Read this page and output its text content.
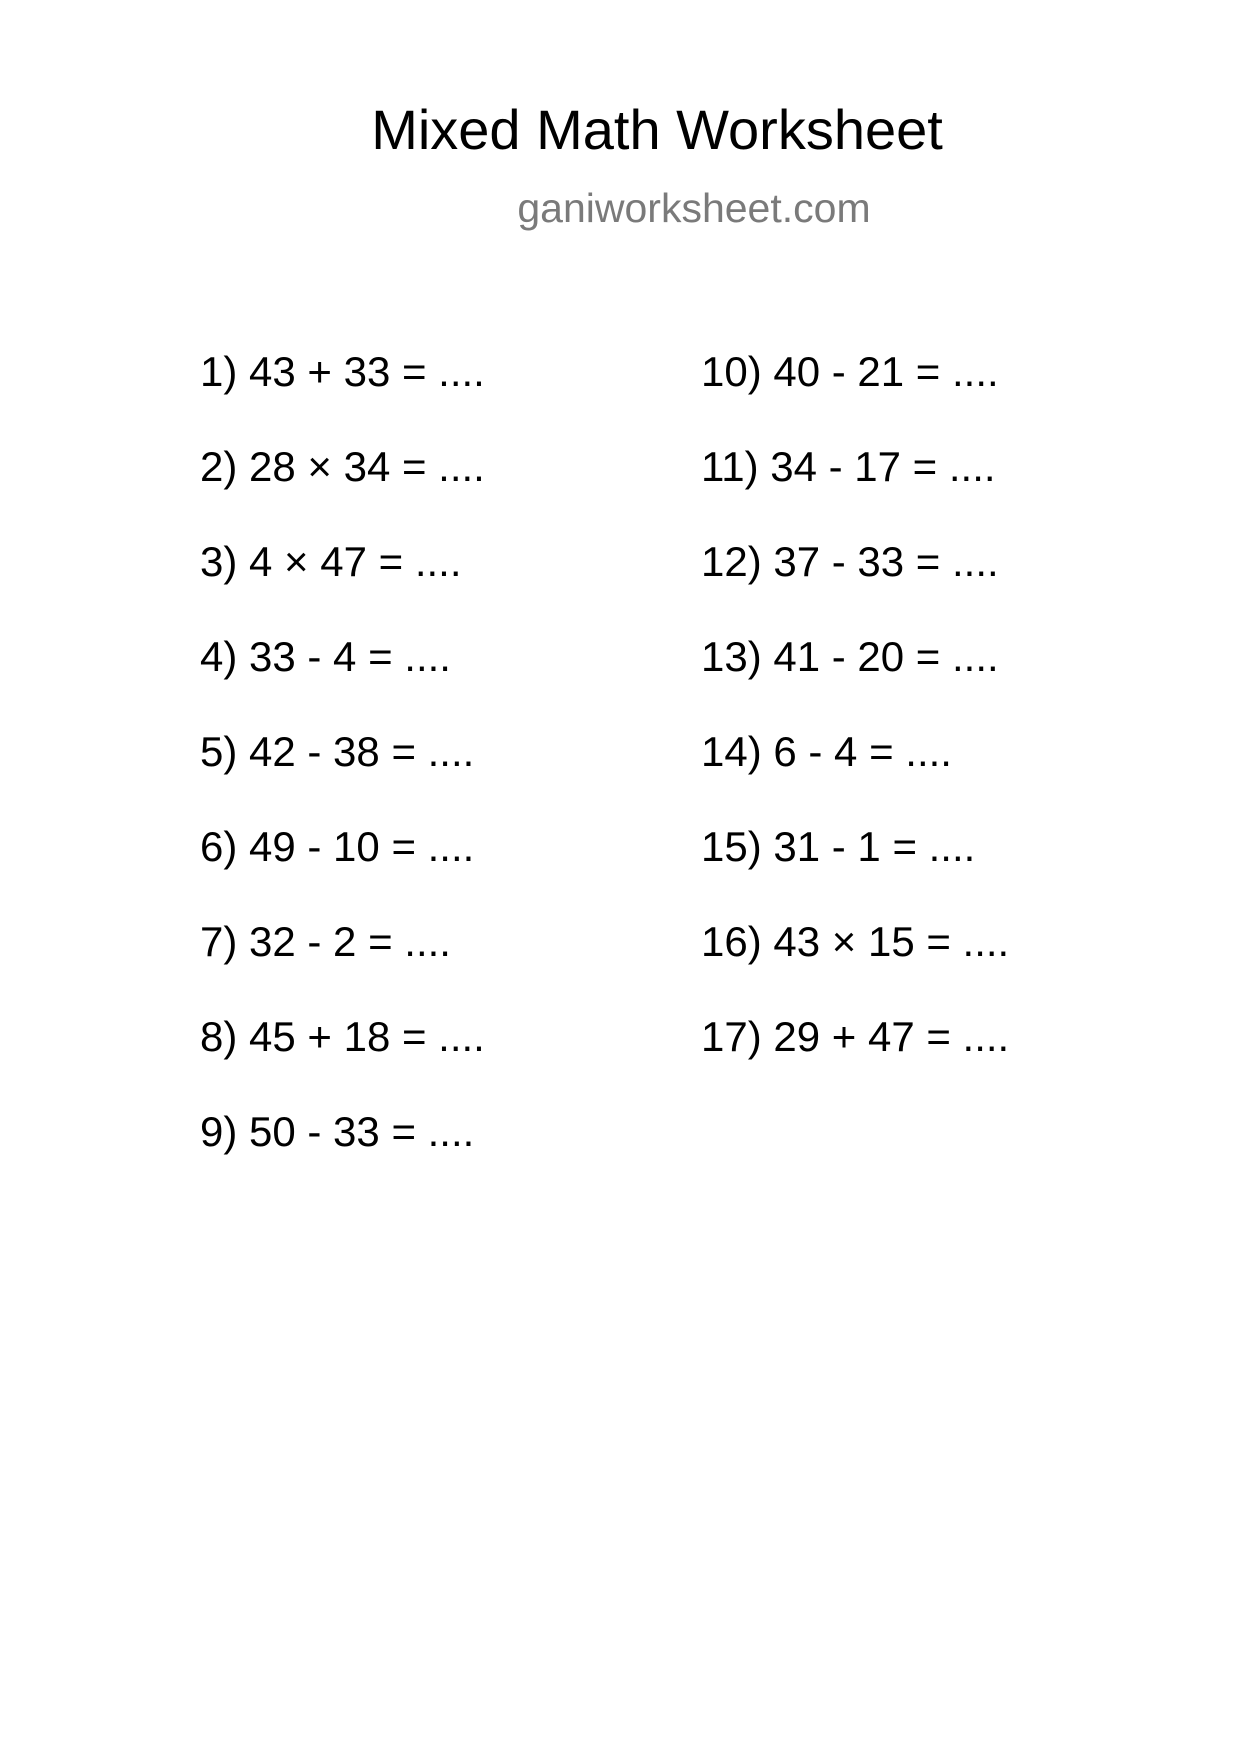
Mixed Math Worksheet
ganiworksheet.com
1) 43 + 33 = ....
2) 28 × 34 = ....
3) 4 × 47 = ....
4) 33 - 4 = ....
5) 42 - 38 = ....
6) 49 - 10 = ....
7) 32 - 2 = ....
8) 45 + 18 = ....
9) 50 - 33 = ....
10) 40 - 21 = ....
11) 34 - 17 = ....
12) 37 - 33 = ....
13) 41 - 20 = ....
14) 6 - 4 = ....
15) 31 - 1 = ....
16) 43 × 15 = ....
17) 29 + 47 = ....
